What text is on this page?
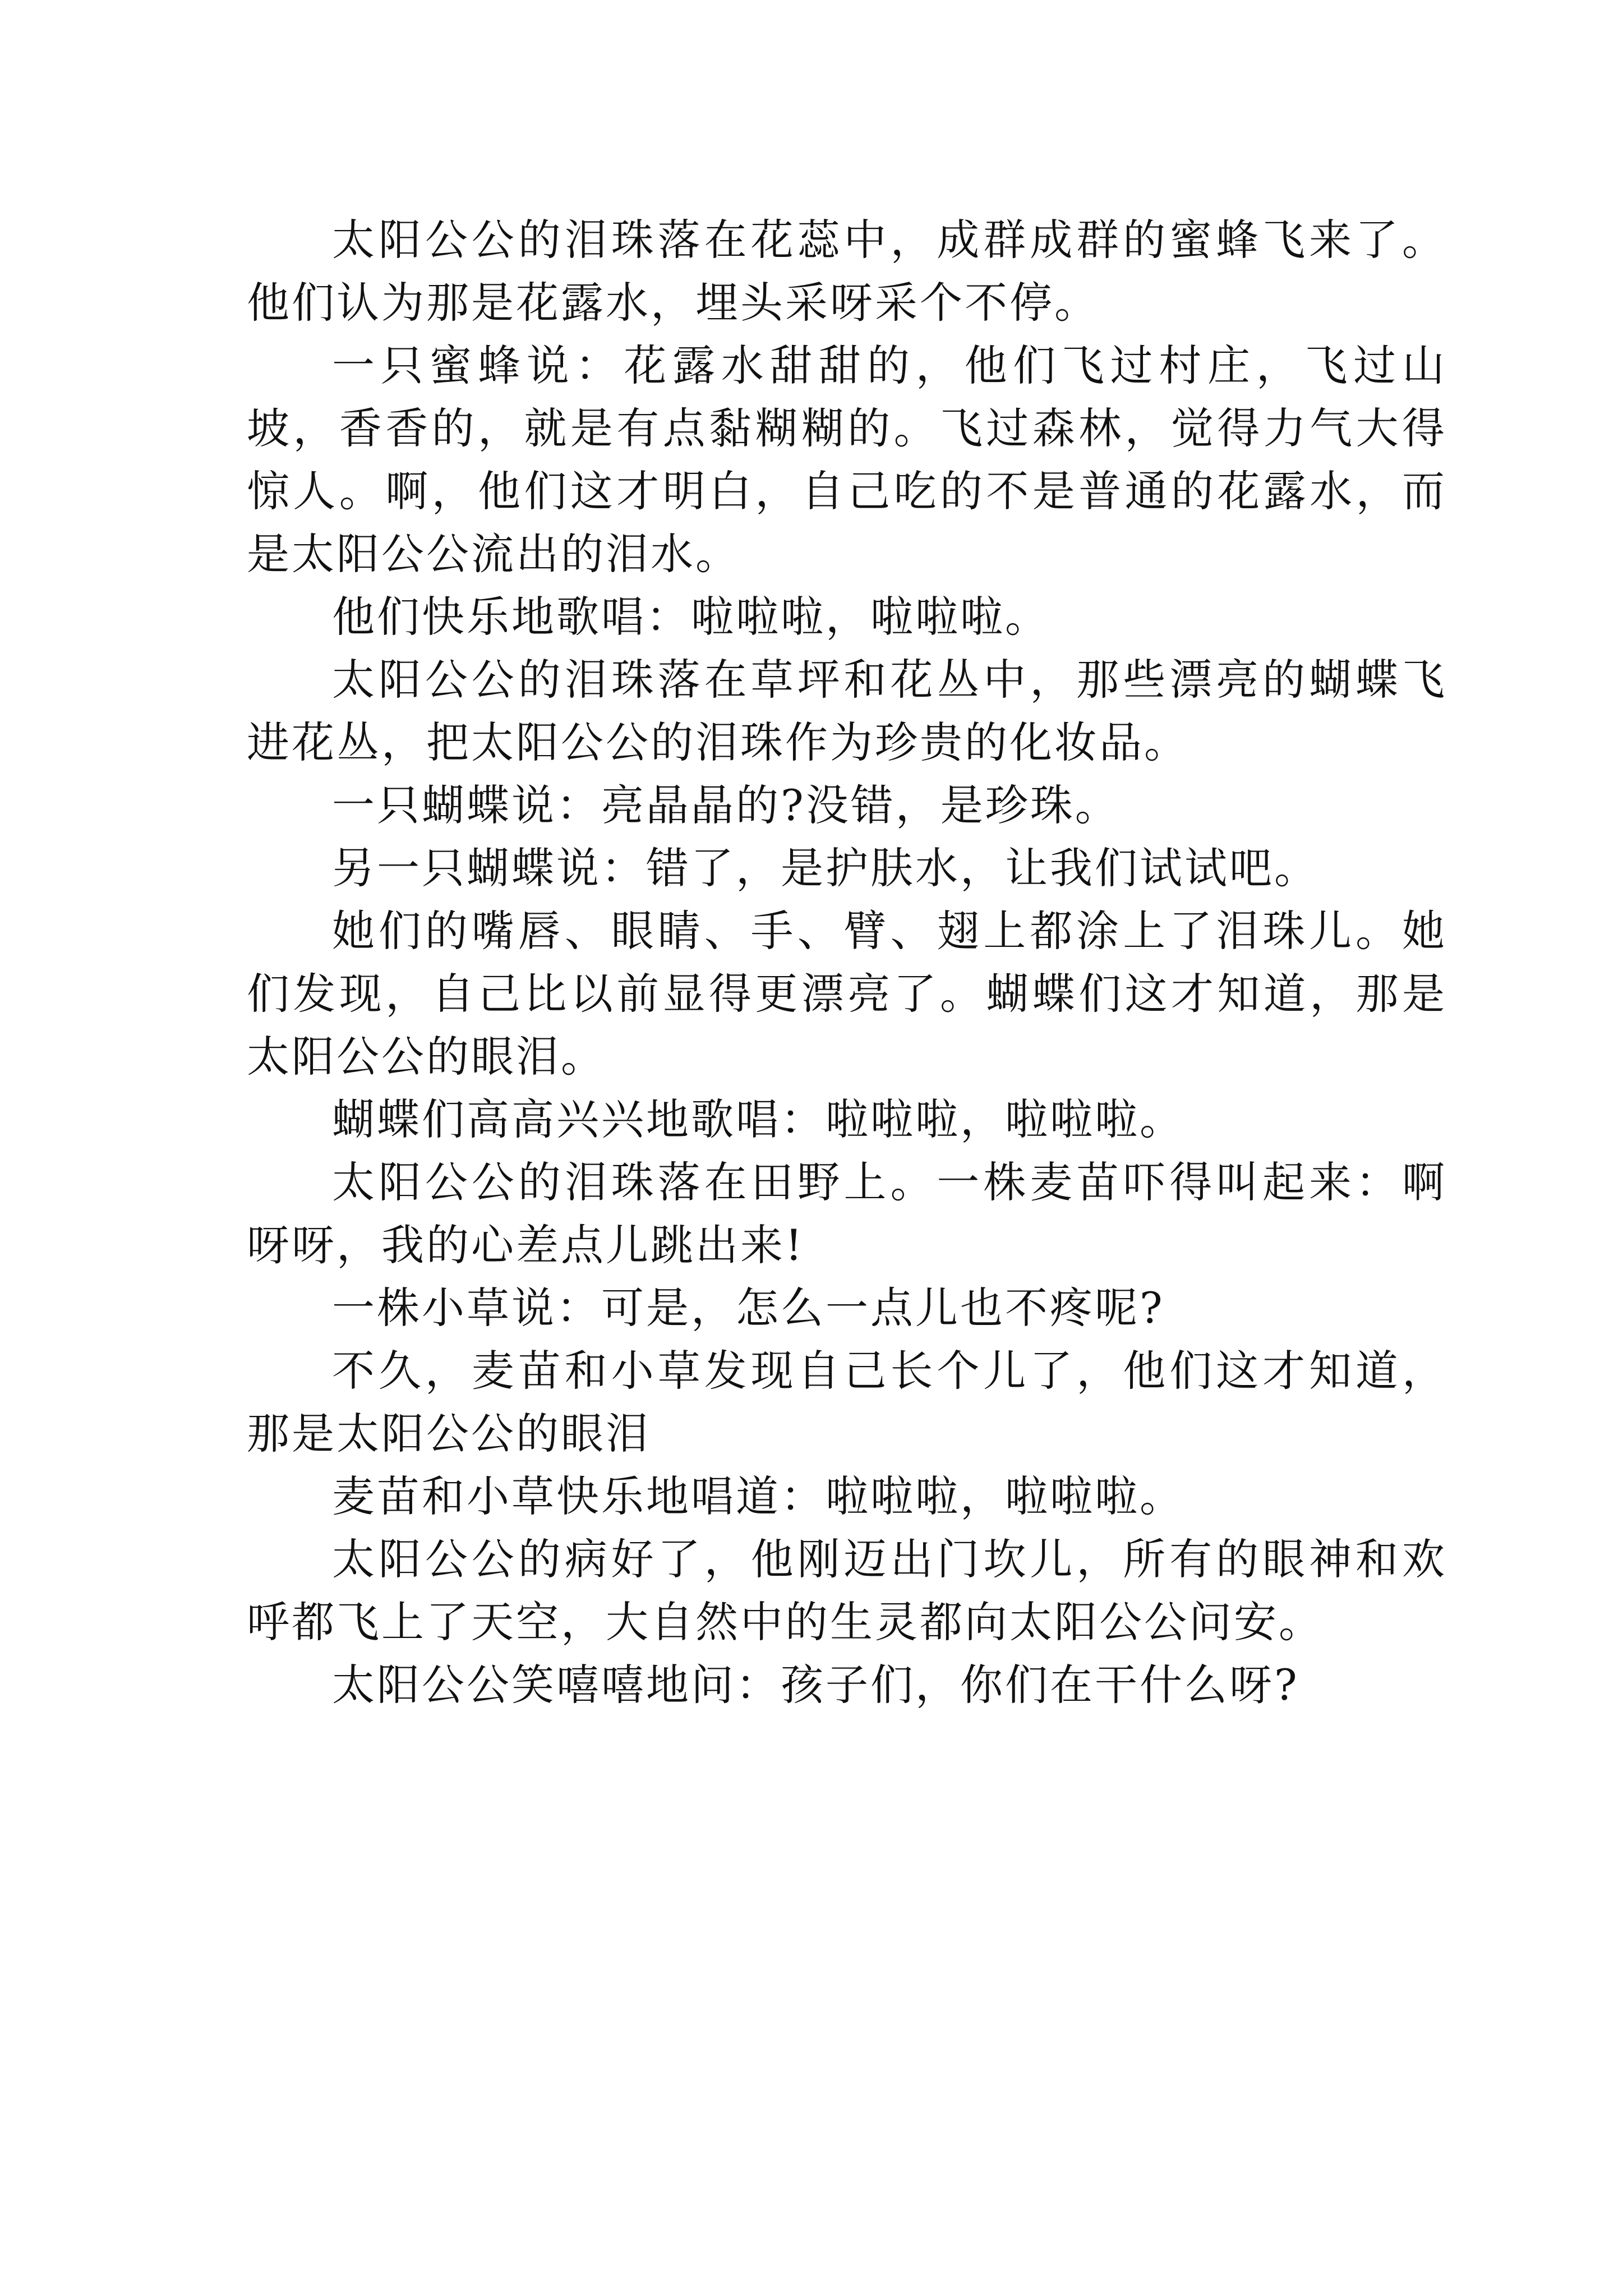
太阳公公的泪珠落在花蕊中，成群成群的蜜蜂飞来了。他们认为那是花露水，埋头采呀采个不停。

一只蜜蜂说：花露水甜甜的，他们飞过村庄，飞过山坡，香香的，就是有点黏糊糊的。飞过森林，觉得力气大得惊人。啊，他们这才明白，自己吃的不是普通的花露水，而是太阳公公流出的泪水。

他们快乐地歌唱：啦啦啦，啦啦啦。

太阳公公的泪珠落在草坪和花丛中，那些漂亮的蝴蝶飞进花丛，把太阳公公的泪珠作为珍贵的化妆品。

一只蝴蝶说：亮晶晶的?没错，是珍珠。

另一只蝴蝶说：错了，是护肤水，让我们试试吧。

她们的嘴唇、眼睛、手、臂、翅上都涂上了泪珠儿。她们发现，自己比以前显得更漂亮了。蝴蝶们这才知道，那是太阳公公的眼泪。

蝴蝶们高高兴兴地歌唱：啦啦啦，啦啦啦。

太阳公公的泪珠落在田野上。一株麦苗吓得叫起来：啊呀呀，我的心差点儿跳出来!

一株小草说：可是，怎么一点儿也不疼呢?

不久，麦苗和小草发现自己长个儿了，他们这才知道，那是太阳公公的眼泪

麦苗和小草快乐地唱道：啦啦啦，啦啦啦。

太阳公公的病好了，他刚迈出门坎儿，所有的眼神和欢呼都飞上了天空，大自然中的生灵都向太阳公公问安。

太阳公公笑嘻嘻地问：孩子们，你们在干什么呀?
